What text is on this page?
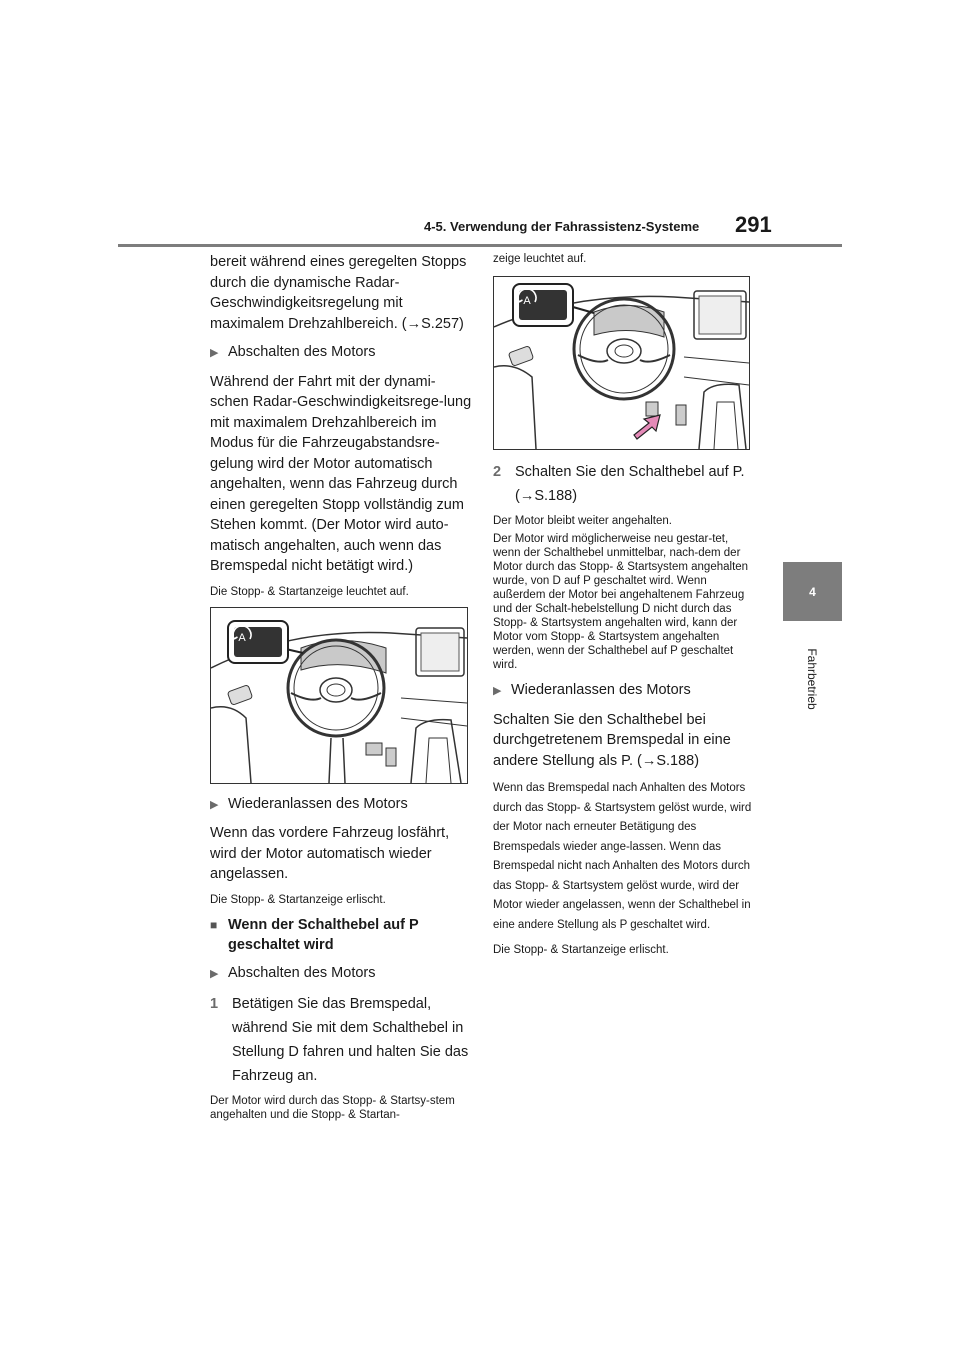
4-5. Verwendung der Fahrassistenz-Systeme 291
4
Fahrbetrieb

bereit während eines geregelten Stopps durch die dynamische Radar-Geschwindigkeitsregelung mit maximalem Drehzahlbereich. (→S.257)

▶ Abschalten des Motors

Während der Fahrt mit der dynami-schen Radar-Geschwindigkeitsrege-lung mit maximalem Drehzahlbereich im Modus für die Fahrzeugabstandsre-gelung wird der Motor automatisch angehalten, wenn das Fahrzeug durch einen geregelten Stopp vollständig zum Stehen kommt. (Der Motor wird auto-matisch angehalten, auch wenn das Bremspedal nicht betätigt wird.)

Die Stopp- & Startanzeige leuchtet auf.

A
▶ Wiederanlassen des Motors

Wenn das vordere Fahrzeug losfährt, wird der Motor automatisch wieder angelassen.

Die Stopp- & Startanzeige erlischt.

■ Wenn der Schalthebel auf P geschaltet wird
▶ Abschalten des Motors
1 Betätigen Sie das Bremspedal, während Sie mit dem Schalthebel in Stellung D fahren und halten Sie das Fahrzeug an.

Der Motor wird durch das Stopp- & Startsy-stem angehalten und die Stopp- & Startan-

zeige leuchtet auf.

A
2 Schalten Sie den Schalthebel auf P. (→S.188)

Der Motor bleibt weiter angehalten.

Der Motor wird möglicherweise neu gestar-tet, wenn der Schalthebel unmittelbar, nach-dem der Motor durch das Stopp- & Startsystem angehalten wurde, von D auf P geschaltet wird. Wenn außerdem der Motor bei angehaltenem Fahrzeug und der Schalt-hebelstellung D nicht durch das Stopp- & Startsystem angehalten wird, kann der Motor vom Stopp- & Startsystem angehalten werden, wenn der Schalthebel auf P geschaltet wird.

▶ Wiederanlassen des Motors

Schalten Sie den Schalthebel bei durchgetretenem Bremspedal in eine andere Stellung als P. (→S.188)

Wenn das Bremspedal nach Anhalten des Motors durch das Stopp- & Startsystem gelöst wurde, wird der Motor nach erneuter Betätigung des Bremspedals wieder ange-lassen. Wenn das Bremspedal nicht nach Anhalten des Motors durch das Stopp- & Startsystem gelöst wurde, wird der Motor wieder angelassen, wenn der Schalthebel in eine andere Stellung als P geschaltet wird.

Die Stopp- & Startanzeige erlischt.
